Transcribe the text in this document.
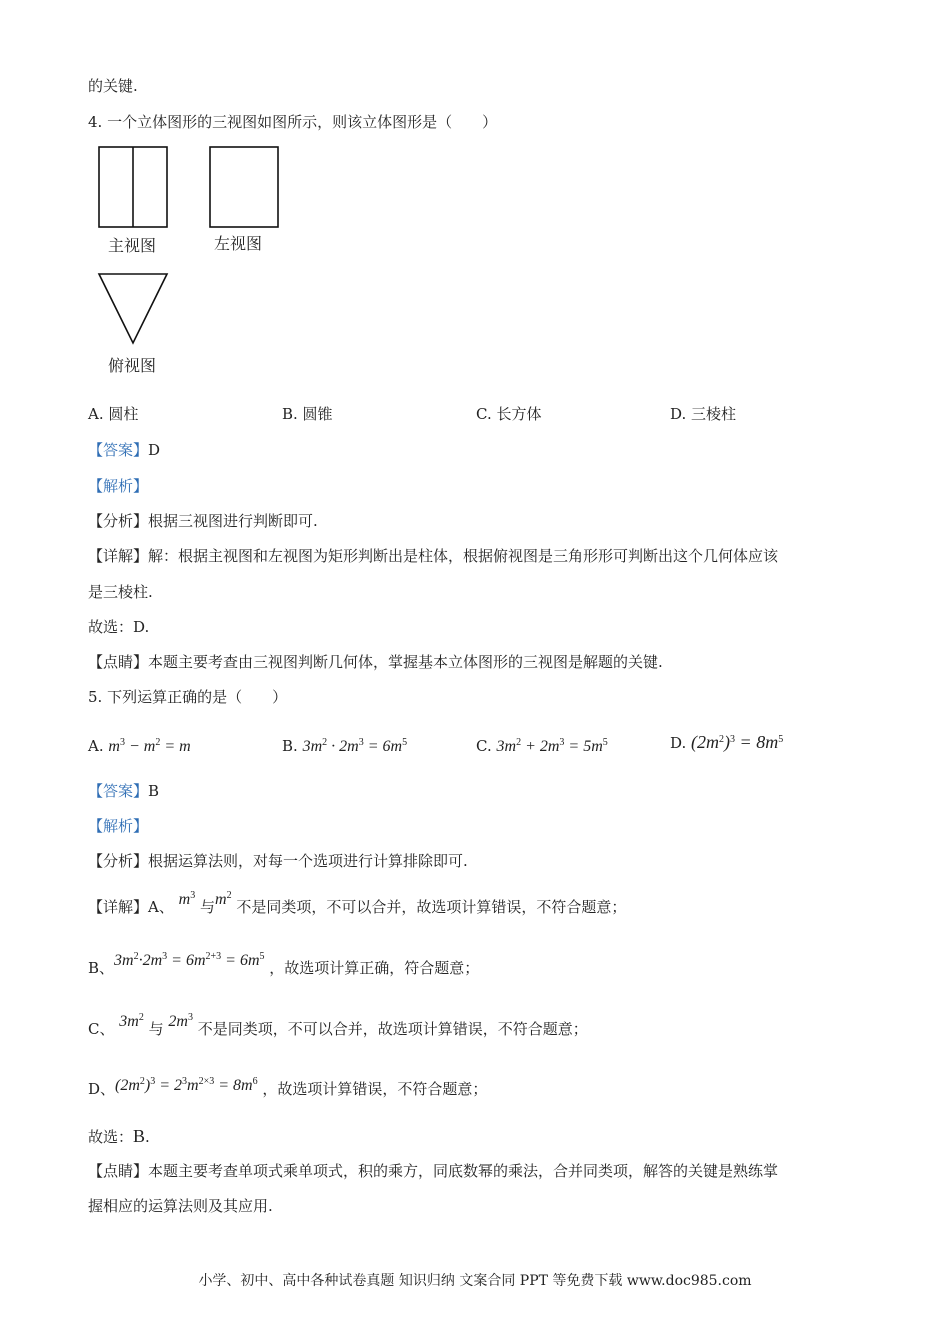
的关键.
4. 一个立体图形的三视图如图所示，则该立体图形是（　　）
主视图	左视图
俯视图
A. 圆柱	B. 圆锥	C. 长方体	D. 三棱柱
【答案】D
【解析】
【分析】根据三视图进行判断即可.
【详解】解：根据主视图和左视图为矩形判断出是柱体，根据俯视图是三角形形可判断出这个几何体应该
是三棱柱.
故选：D.
【点睛】本题主要考查由三视图判断几何体，掌握基本立体图形的三视图是解题的关键.
5. 下列运算正确的是（　　）
A. $m^3 - m^2 = m$	B. $3m^2 \cdot 2m^3 = 6m^5$	C. $3m^2 + 2m^3 = 5m^5$	D. $(2m^2)^3 = 8m^5$
【答案】B
【解析】
【分析】根据运算法则，对每一个选项进行计算排除即可.
【详解】A、 $m^3$ 与$m^2$ 不是同类项，不可以合并，故选项计算错误，不符合题意；
B、$3m^2\cdot 2m^3 = 6m^{2+3} = 6m^5$ ，故选项计算正确，符合题意；
C、 $3m^2$ 与 $2m^3$ 不是同类项，不可以合并，故选项计算错误，不符合题意；
D、$(2m^2)^3 = 2^3m^{2\times 3} = 8m^6$ ，故选项计算错误，不符合题意；
故选：B.
【点睛】本题主要考查单项式乘单项式，积的乘方，同底数幂的乘法，合并同类项，解答的关键是熟练掌
握相应的运算法则及其应用.
小学、初中、高中各种试卷真题 知识归纳 文案合同 PPT 等免费下载 www.doc985.com
